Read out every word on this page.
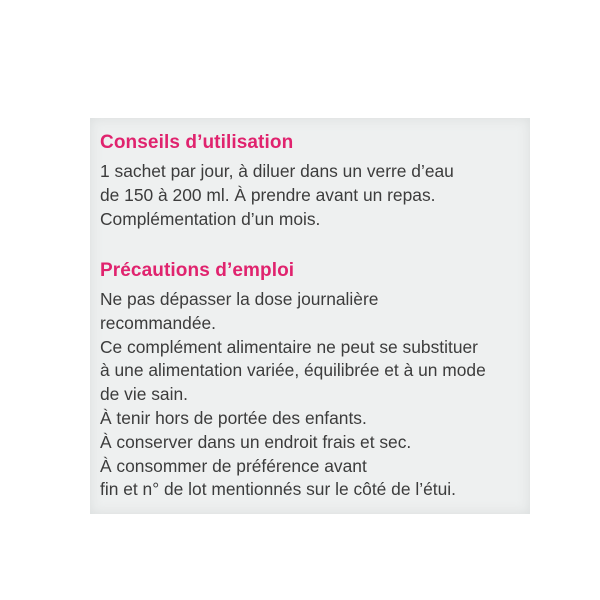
Conseils d’utilisation

1 sachet par jour, à diluer dans un verre d’eau

de 150 à 200 ml. À prendre avant un repas.

Complémentation d’un mois.

Précautions d’emploi

Ne pas dépasser la dose journalière

recommandée.

Ce complément alimentaire ne peut se substituer

à une alimentation variée, équilibrée et à un mode

de vie sain.

À tenir hors de portée des enfants.

À conserver dans un endroit frais et sec.

À consommer de préférence avant

fin et n° de lot mentionnés sur le côté de l’étui.
